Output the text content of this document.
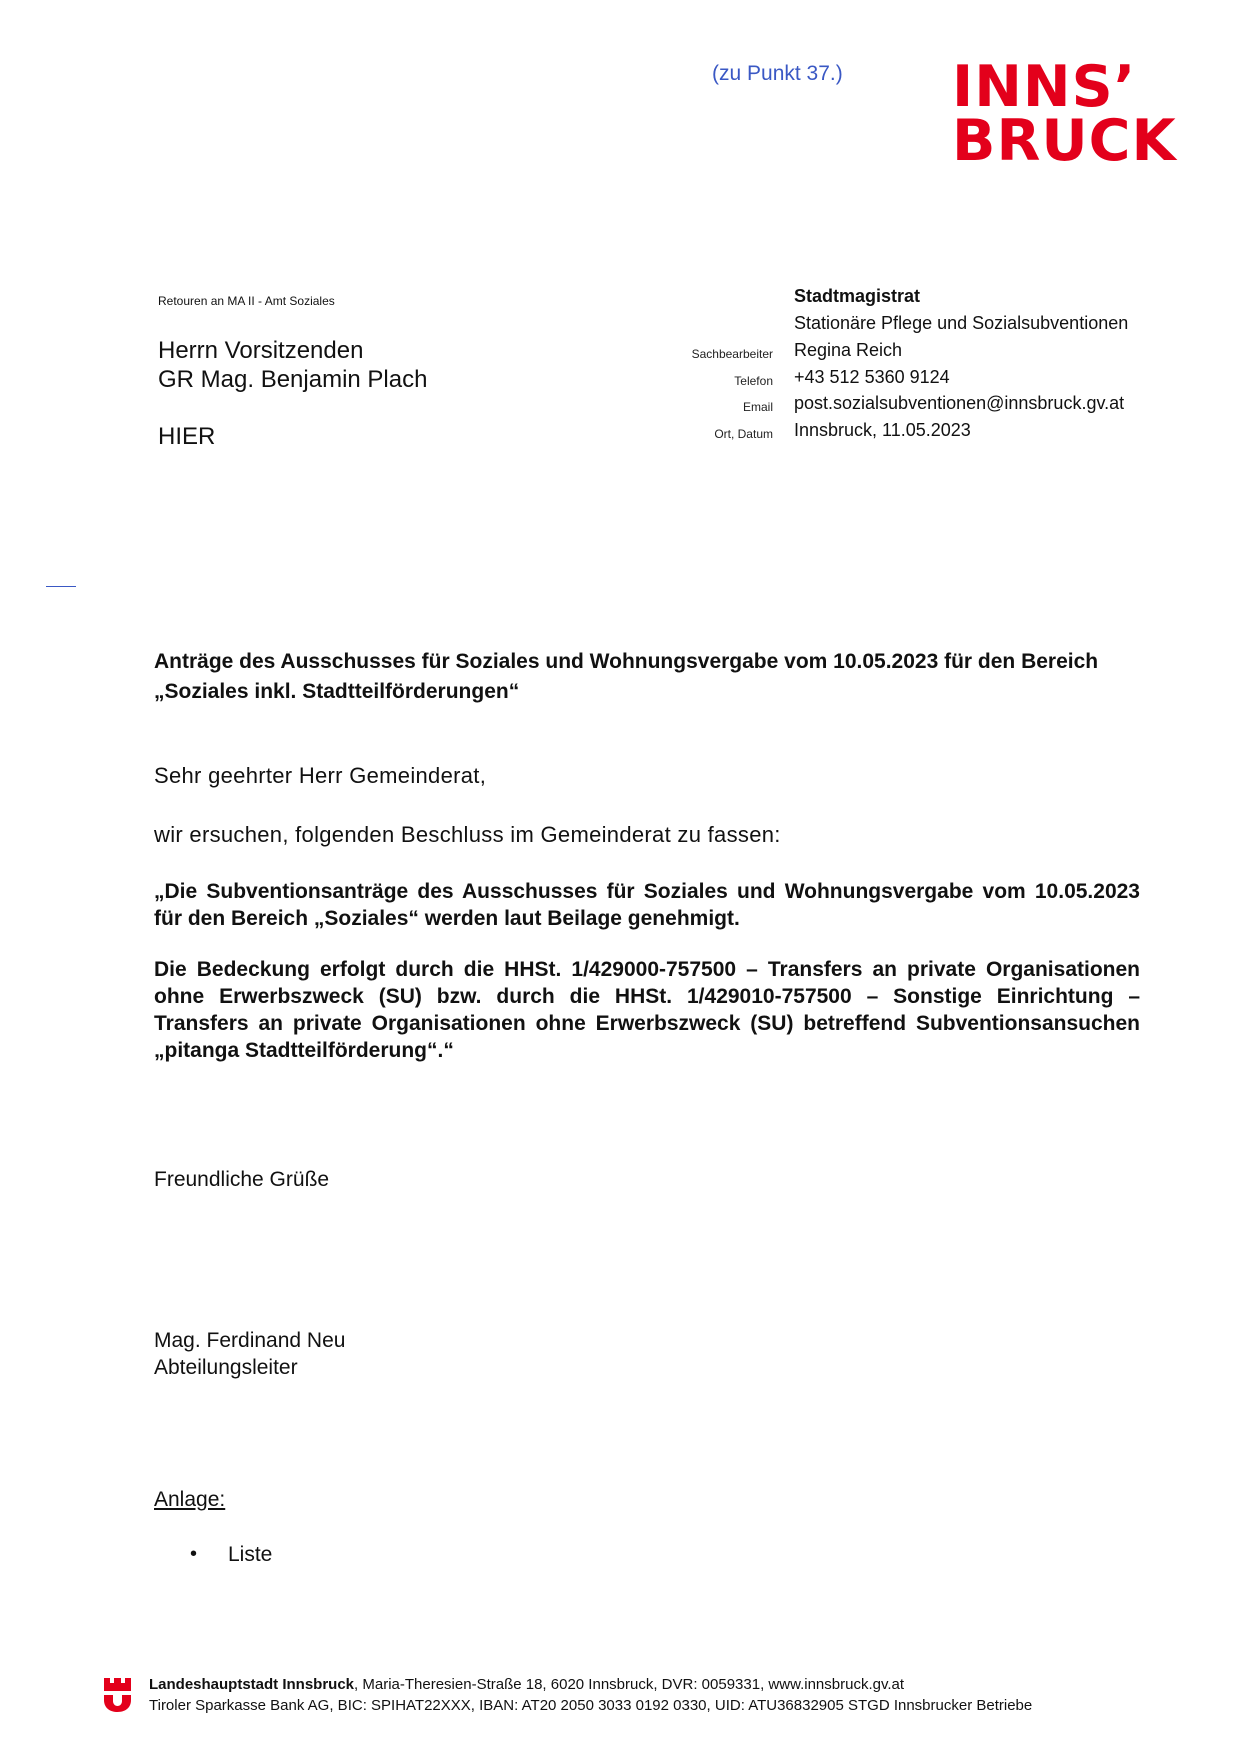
(zu Punkt 37.) INNS’
BRUCK
Retouren an MA II - Amt Soziales
Herrn Vorsitzenden
GR Mag. Benjamin Plach
HIER
Stadtmagistrat
Stationäre Pflege und Sozialsubventionen
Sachbearbeiter Regina Reich
Telefon +43 512 5360 9124
Email post.sozialsubventionen@innsbruck.gv.at
Ort, Datum Innsbruck, 11.05.2023
Anträge des Ausschusses für Soziales und Wohnungsvergabe vom 10.05.2023 für den Bereich „Soziales inkl. Stadtteilförderungen“
Sehr geehrter Herr Gemeinderat,
wir ersuchen, folgenden Beschluss im Gemeinderat zu fassen:
„Die Subventionsanträge des Ausschusses für Soziales und Wohnungsvergabe vom 10.05.2023 für den Bereich „Soziales“ werden laut Beilage genehmigt.
Die Bedeckung erfolgt durch die HHSt. 1/429000-757500 – Transfers an private Organisationen ohne Erwerbszweck (SU) bzw. durch die HHSt. 1/429010-757500 – Sonstige Einrichtung – Transfers an private Organisationen ohne Erwerbszweck (SU) betreffend Subventionsansuchen „pitanga Stadtteilförderung“.“
Freundliche Grüße
Mag. Ferdinand Neu
Abteilungsleiter
Anlage:
• Liste
Landeshauptstadt Innsbruck, Maria-Theresien-Straße 18, 6020 Innsbruck, DVR: 0059331, www.innsbruck.gv.at
Tiroler Sparkasse Bank AG, BIC: SPIHAT22XXX, IBAN: AT20 2050 3033 0192 0330, UID: ATU36832905 STGD Innsbrucker Betriebe
